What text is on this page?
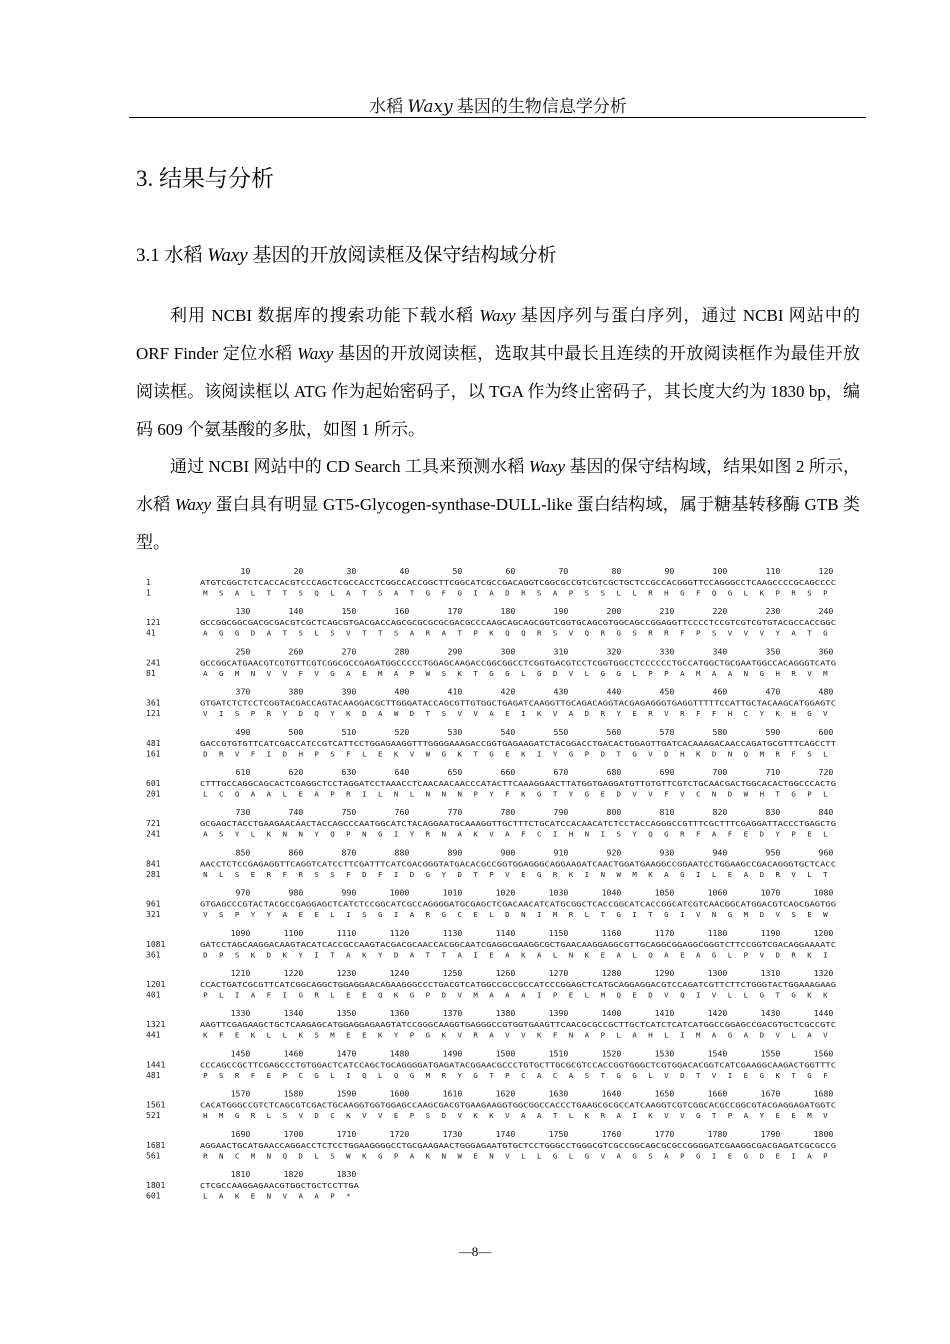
水稻 Waxy 基因的生物信息学分析
3. 结果与分析
3.1 水稻 Waxy 基因的开放阅读框及保守结构域分析

利用 NCBI 数据库的搜索功能下载水稻 Waxy 基因序列与蛋白序列，通过 NCBI 网站中的 ORF Finder 定位水稻 Waxy 基因的开放阅读框，选取其中最长且连续的开放阅读框作为最佳开放阅读框。该阅读框以 ATG 作为起始密码子，以 TGA 作为终止密码子，其长度大约为 1830 bp，编码 609 个氨基酸的多肽，如图 1 所示。

通过 NCBI 网站中的 CD Search 工具来预测水稻 Waxy 基因的保守结构域，结果如图 2 所示，水稻 Waxy 蛋白具有明显 GT5-Glycogen-synthase-DULL-like 蛋白结构域，属于糖基转移酶 GTB 类型。

10	20	30	40	50	60	70	80	90	100	110	120
1	ATGTCGGCTCTCACCACGTCCCAGCTCGCCACCTCGGCCACCGGCTTCGGCATCGCCGACAGGTCGGCGCCGTCGTCGCTGCTCCGCCACGGGTTCCAGGGCCTCAAGCCCCGCAGCCCC
1	M S A L T T S Q L A T S A T G F G I A D R S A P S S L L R H G F Q G L K P R S P
130	140	150	160	170	180	190	200	210	220	230	240
121	GCCGGCGGCGACGCGACGTCGCTCAGCGTGACGACCAGCGCGCGCGCGACGCCCAAGCAGCAGCGGTCGGTGCAGCGTGGCAGCCGGAGGTTCCCCTCCGTCGTCGTGTACGCCACCGGC
41	A G G D A T S L S V T T S A R A T P K Q Q R S V Q R G S R R F P S V V V Y A T G
250	260	270	280	290	300	310	320	330	340	350	360
241	GCCGGCATGAACGTCGTGTTCGTCGGCGCCGAGATGGCCCCCTGGAGCAAGACCGGCGGCCTCGGTGACGTCCTCGGTGGCCTCCCCCCTGCCATGGCTGCGAATGGCCACAGGGTCATG
81	A G M N V V F V G A E M A P W S K T G G L G D V L G G L P P A M A A N G H R V M
370	380	390	400	410	420	430	440	450	460	470	480
361	GTGATCTCTCCTCGGTACGACCAGTACAAGGACGCTTGGGATACCAGCGTTGTGGCTGAGATCAAGGTTGCAGACAGGTACGAGAGGGTGAGGTTTTTCCATTGCTACAAGCATGGAGTC
121	V I S P R Y D Q Y K D A W D T S V V A E I K V A D R Y E R V R F F H C Y K H G V
490	500	510	520	530	540	550	560	570	580	590	600
481	GACCGTGTGTTCATCGACCATCCGTCATTCCTGGAGAAGGTTTGGGGAAAGACCGGTGAGAAGATCTACGGACCTGACACTGGAGTTGATCACAAAGACAACCAGATGCGTTTCAGCCTT
161	D R V F I D H P S F L E K V W G K T G E K I Y G P D T G V D H K D N Q M R F S L
610	620	630	640	650	660	670	680	690	700	710	720
601	CTTTGCCAGGCAGCACTCGAGGCTCCTAGGATCCTAAACCTCAACAACAACCCATACTTCAAAGGAACTTATGGTGAGGATGTTGTGTTCGTCTGCAACGACTGGCACACTGGCCCACTG
201	L C Q A A L E A P R I L N L N N N P Y F K G T Y G E D V V F V C N D W H T G P L
730	740	750	760	770	780	790	800	810	820	830	840
721	GCGAGCTACCTGAAGAACAACTACCAGCCCAATGGCATCTACAGGAATGCAAAGGTTGCTTTCTGCATCCACAACATCTCCTACCAGGGCCGTTTCGCTTTCGAGGATTACCCTGAGCTG
241	A S Y L K N N Y Q P N G I Y R N A K V A F C I H N I S Y Q G R F A F E D Y P E L
850	860	870	880	890	900	910	920	930	940	950	960
841	AACCTCTCCGAGAGGTTCAGGTCATCCTTCGATTTCATCGACGGGTATGACACGCCGGTGGAGGGCAGGAAGATCAACTGGATGAAGGCCGGAATCCTGGAAGCCGACAGGGTGCTCACC
281	N L S E R F R S S F D F I D G Y D T P V E G R K I N W M K A G I L E A D R V L T
970	980	990	1000	1010	1020	1030	1040	1050	1060	1070	1080
961	GTGAGCCCGTACTACGCCGAGGAGCTCATCTCCGGCATCGCCAGGGGATGCGAGCTCGACAACATCATGCGGCTCACCGGCATCACCGGCATCGTCAACGGCATGGACGTCAGCGAGTGG
321	V S P Y Y A E E L I S G I A R G C E L D N I M R L T G I T G I V N G M D V S E W
1090	1100	1110	1120	1130	1140	1150	1160	1170	1180	1190	1200
1081	GATCCTAGCAAGGACAAGTACATCACCGCCAAGTACGACGCAACCACGGCAATCGAGGCGAAGGCGCTGAACAAGGAGGCGTTGCAGGCGGAGGCGGGTCTTCCGGTCGACAGGAAAATC
361	D P S K D K Y I T A K Y D A T T A I E A K A L N K E A L Q A E A G L P V D R K I
1210	1220	1230	1240	1250	1260	1270	1280	1290	1300	1310	1320
1201	CCACTGATCGCGTTCATCGGCAGGCTGGAGGAACAGAAGGGCCCTGACGTCATGGCCGCCGCCATCCCGGAGCTCATGCAGGAGGACGTCCAGATCGTTCTTCTGGGTACTGGAAAGAAG
401	P L I A F I G R L E E Q K G P D V M A A A I P E L M Q E D V Q I V L L G T G K K
1330	1340	1350	1360	1370	1380	1390	1400	1410	1420	1430	1440
1321	AAGTTCGAGAAGCTGCTCAAGAGCATGGAGGAGAAGTATCCGGGCAAGGTGAGGGCCGTGGTGAAGTTCAACGCGCCGCTTGCTCATCTCATCATGGCCGGAGCCGACGTGCTCGCCGTC
441	K F E K L L K S M E E K Y P G K V R A V V K F N A P L A H L I M A G A D V L A V
1450	1460	1470	1480	1490	1500	1510	1520	1530	1540	1550	1560
1441	CCCAGCCGCTTCGAGCCCTGTGGACTCATCCAGCTGCAGGGGATGAGATACGGAACGCCCTGTGCTTGCGCGTCCACCGGTGGGCTCGTGGACACGGTCATCGAAGGCAAGACTGGTTTC
481	P S R F E P C G L I Q L Q G M R Y G T P C A C A S T G G L V D T V I E G K T G F
1570	1580	1590	1600	1610	1620	1630	1640	1650	1660	1670	1680
1561	CACATGGGCCGTCTCAGCGTCGACTGCAAGGTGGTGGAGCCAAGCGACGTGAAGAAGGTGGCGGCCACCCTGAAGCGCGCCATCAAGGTCGTCGGCACGCCGGCGTACGAGGAGATGGTC
521	H M G R L S V D C K V V E P S D V K K V A A T L K R A I K V V G T P A Y E E M V
1690	1700	1710	1720	1730	1740	1750	1760	1770	1780	1790	1800
1681	AGGAACTGCATGAACCAGGACCTCTCCTGGAAGGGGCCTGCGAAGAACTGGGAGAATGTGCTCCTGGGCCTGGGCGTCGCCGGCAGCGCGCCGGGGATCGAAGGCGACGAGATCGCGCCG
561	R N C M N Q D L S W K G P A K N W E N V L L G L G V A G S A P G I E G D E I A P
1810	1820	1830
1801	CTCGCCAAGGAGAACGTGGCTGCTCCTTGA
601	L A K E N V A A P *
—8—
